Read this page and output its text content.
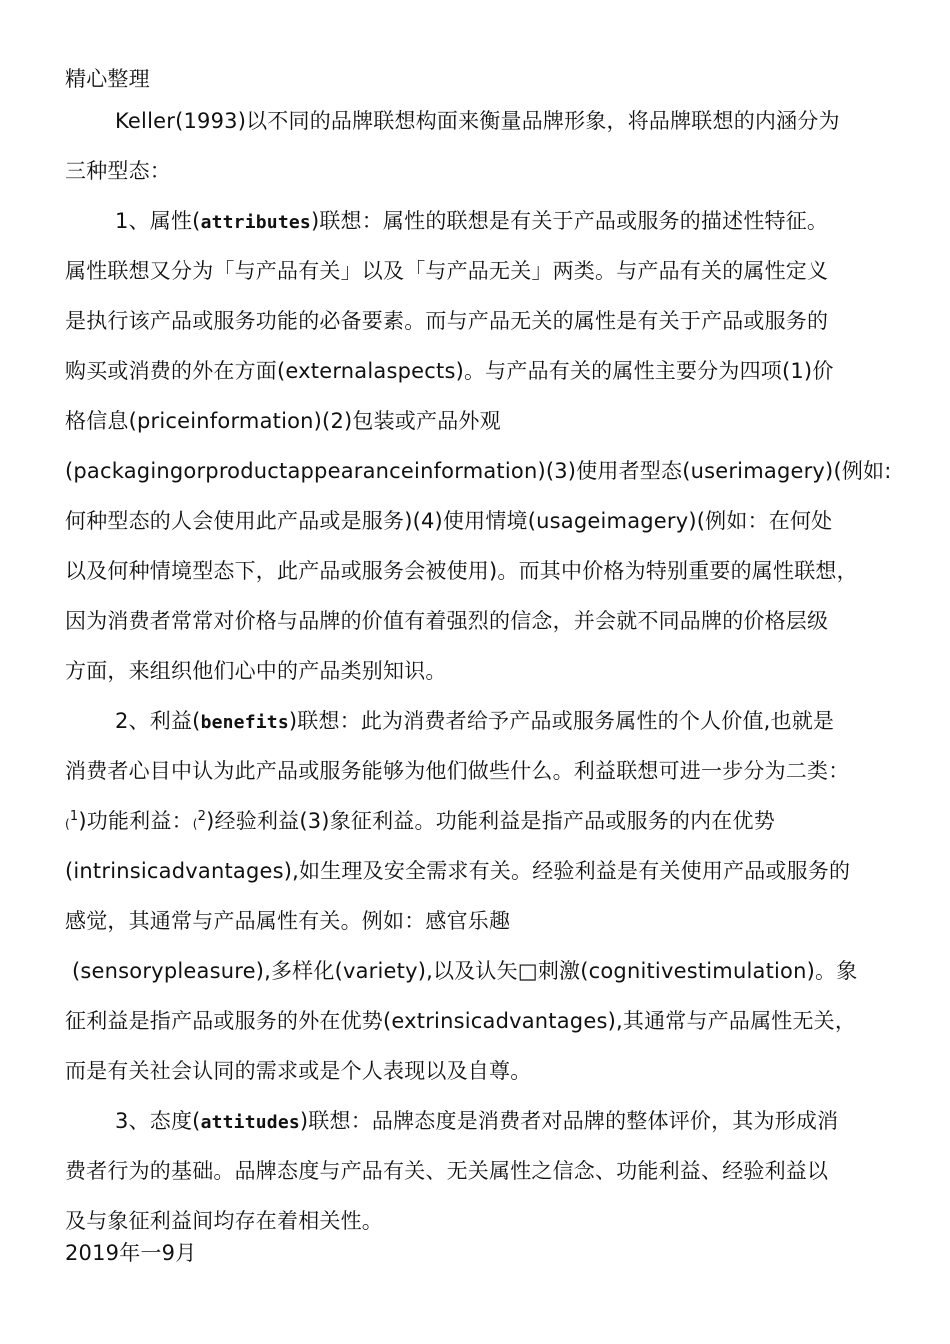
精心整理
Keller(1993)以不同的品牌联想构面来衡量品牌形象，将品牌联想的内涵分为
三种型态：
1、属性(attributes)联想：属性的联想是有关于产品或服务的描述性特征。
属性联想又分为「与产品有关」以及「与产品无关」两类。与产品有关的属性定义
是执行该产品或服务功能的必备要素。而与产品无关的属性是有关于产品或服务的
购买或消费的外在方面(externalaspects)。与产品有关的属性主要分为四项(1)价
格信息(priceinformation)(2)包装或产品外观
(packagingorproductappearanceinformation)(3)使用者型态(userimagery)(例如:
何种型态的人会使用此产品或是服务)(4)使用情境(usageimagery)(例如：在何处
以及何种情境型态下，此产品或服务会被使用)。而其中价格为特别重要的属性联想，
因为消费者常常对价格与品牌的价值有着强烈的信念，并会就不同品牌的价格层级
方面，来组织他们心中的产品类别知识。
2、利益(benefits)联想：此为消费者给予产品或服务属性的个人价值,也就是
消费者心目中认为此产品或服务能够为他们做些什么。利益联想可进一步分为二类：
($^1$)功能利益：($^2$)经验利益(3)象征利益。功能利益是指产品或服务的内在优势
(intrinsicadvantages),如生理及安全需求有关。经验利益是有关使用产品或服务的
感觉，其通常与产品属性有关。例如：感官乐趣
(sensorypleasure),多样化(variety),以及认矢□刺激(cognitivestimulation)。象
征利益是指产品或服务的外在优势(extrinsicadvantages),其通常与产品属性无关，
而是有关社会认同的需求或是个人表现以及自尊。
3、态度(attitudes)联想：品牌态度是消费者对品牌的整体评价，其为形成消
费者行为的基础。品牌态度与产品有关、无关属性之信念、功能利益、经验利益以
及与象征利益间均存在着相关性。
2019年一9月
